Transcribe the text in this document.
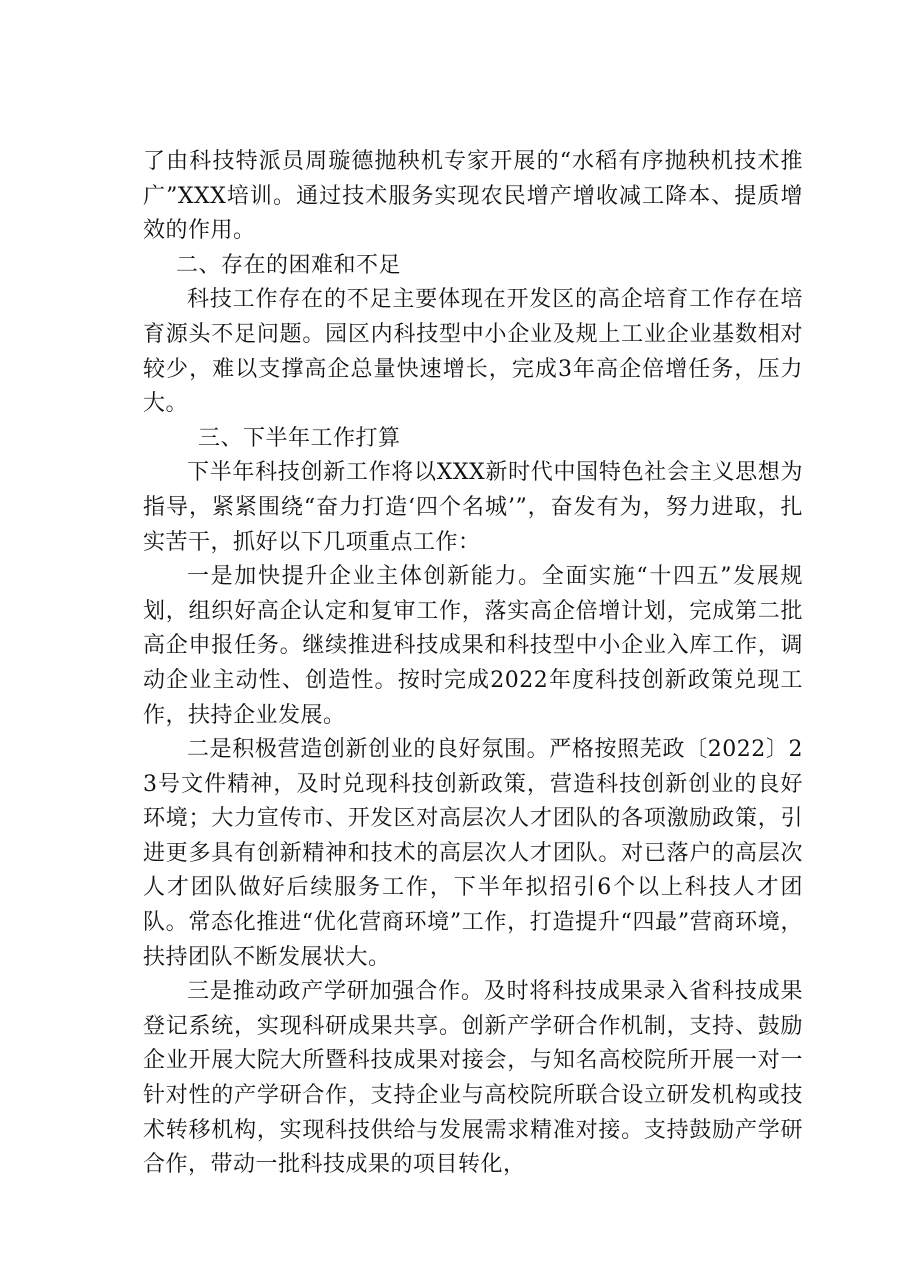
了由科技特派员周璇德抛秧机专家开展的“水稻有序抛秧机技术推广”XXX培训。通过技术服务实现农民增产增收减工降本、提质增效的作用。

二、存在的困难和不足

科技工作存在的不足主要体现在开发区的高企培育工作存在培育源头不足问题。园区内科技型中小企业及规上工业企业基数相对较少，难以支撑高企总量快速增长，完成3年高企倍增任务，压力大。

三、下半年工作打算

下半年科技创新工作将以XXX新时代中国特色社会主义思想为指导，紧紧围绕“奋力打造‘四个名城’”，奋发有为，努力进取，扎实苦干，抓好以下几项重点工作：

一是加快提升企业主体创新能力。全面实施“十四五”发展规划，组织好高企认定和复审工作，落实高企倍增计划，完成第二批高企申报任务。继续推进科技成果和科技型中小企业入库工作，调动企业主动性、创造性。按时完成2022年度科技创新政策兑现工作，扶持企业发展。

二是积极营造创新创业的良好氛围。严格按照芜政〔2022〕23号文件精神，及时兑现科技创新政策，营造科技创新创业的良好环境；大力宣传市、开发区对高层次人才团队的各项激励政策，引进更多具有创新精神和技术的高层次人才团队。对已落户的高层次人才团队做好后续服务工作，下半年拟招引6个以上科技人才团队。常态化推进“优化营商环境”工作，打造提升“四最”营商环境，扶持团队不断发展状大。

三是推动政产学研加强合作。及时将科技成果录入省科技成果登记系统，实现科研成果共享。创新产学研合作机制，支持、鼓励企业开展大院大所暨科技成果对接会，与知名高校院所开展一对一针对性的产学研合作，支持企业与高校院所联合设立研发机构或技术转移机构，实现科技供给与发展需求精准对接。支持鼓励产学研合作，带动一批科技成果的项目转化，
